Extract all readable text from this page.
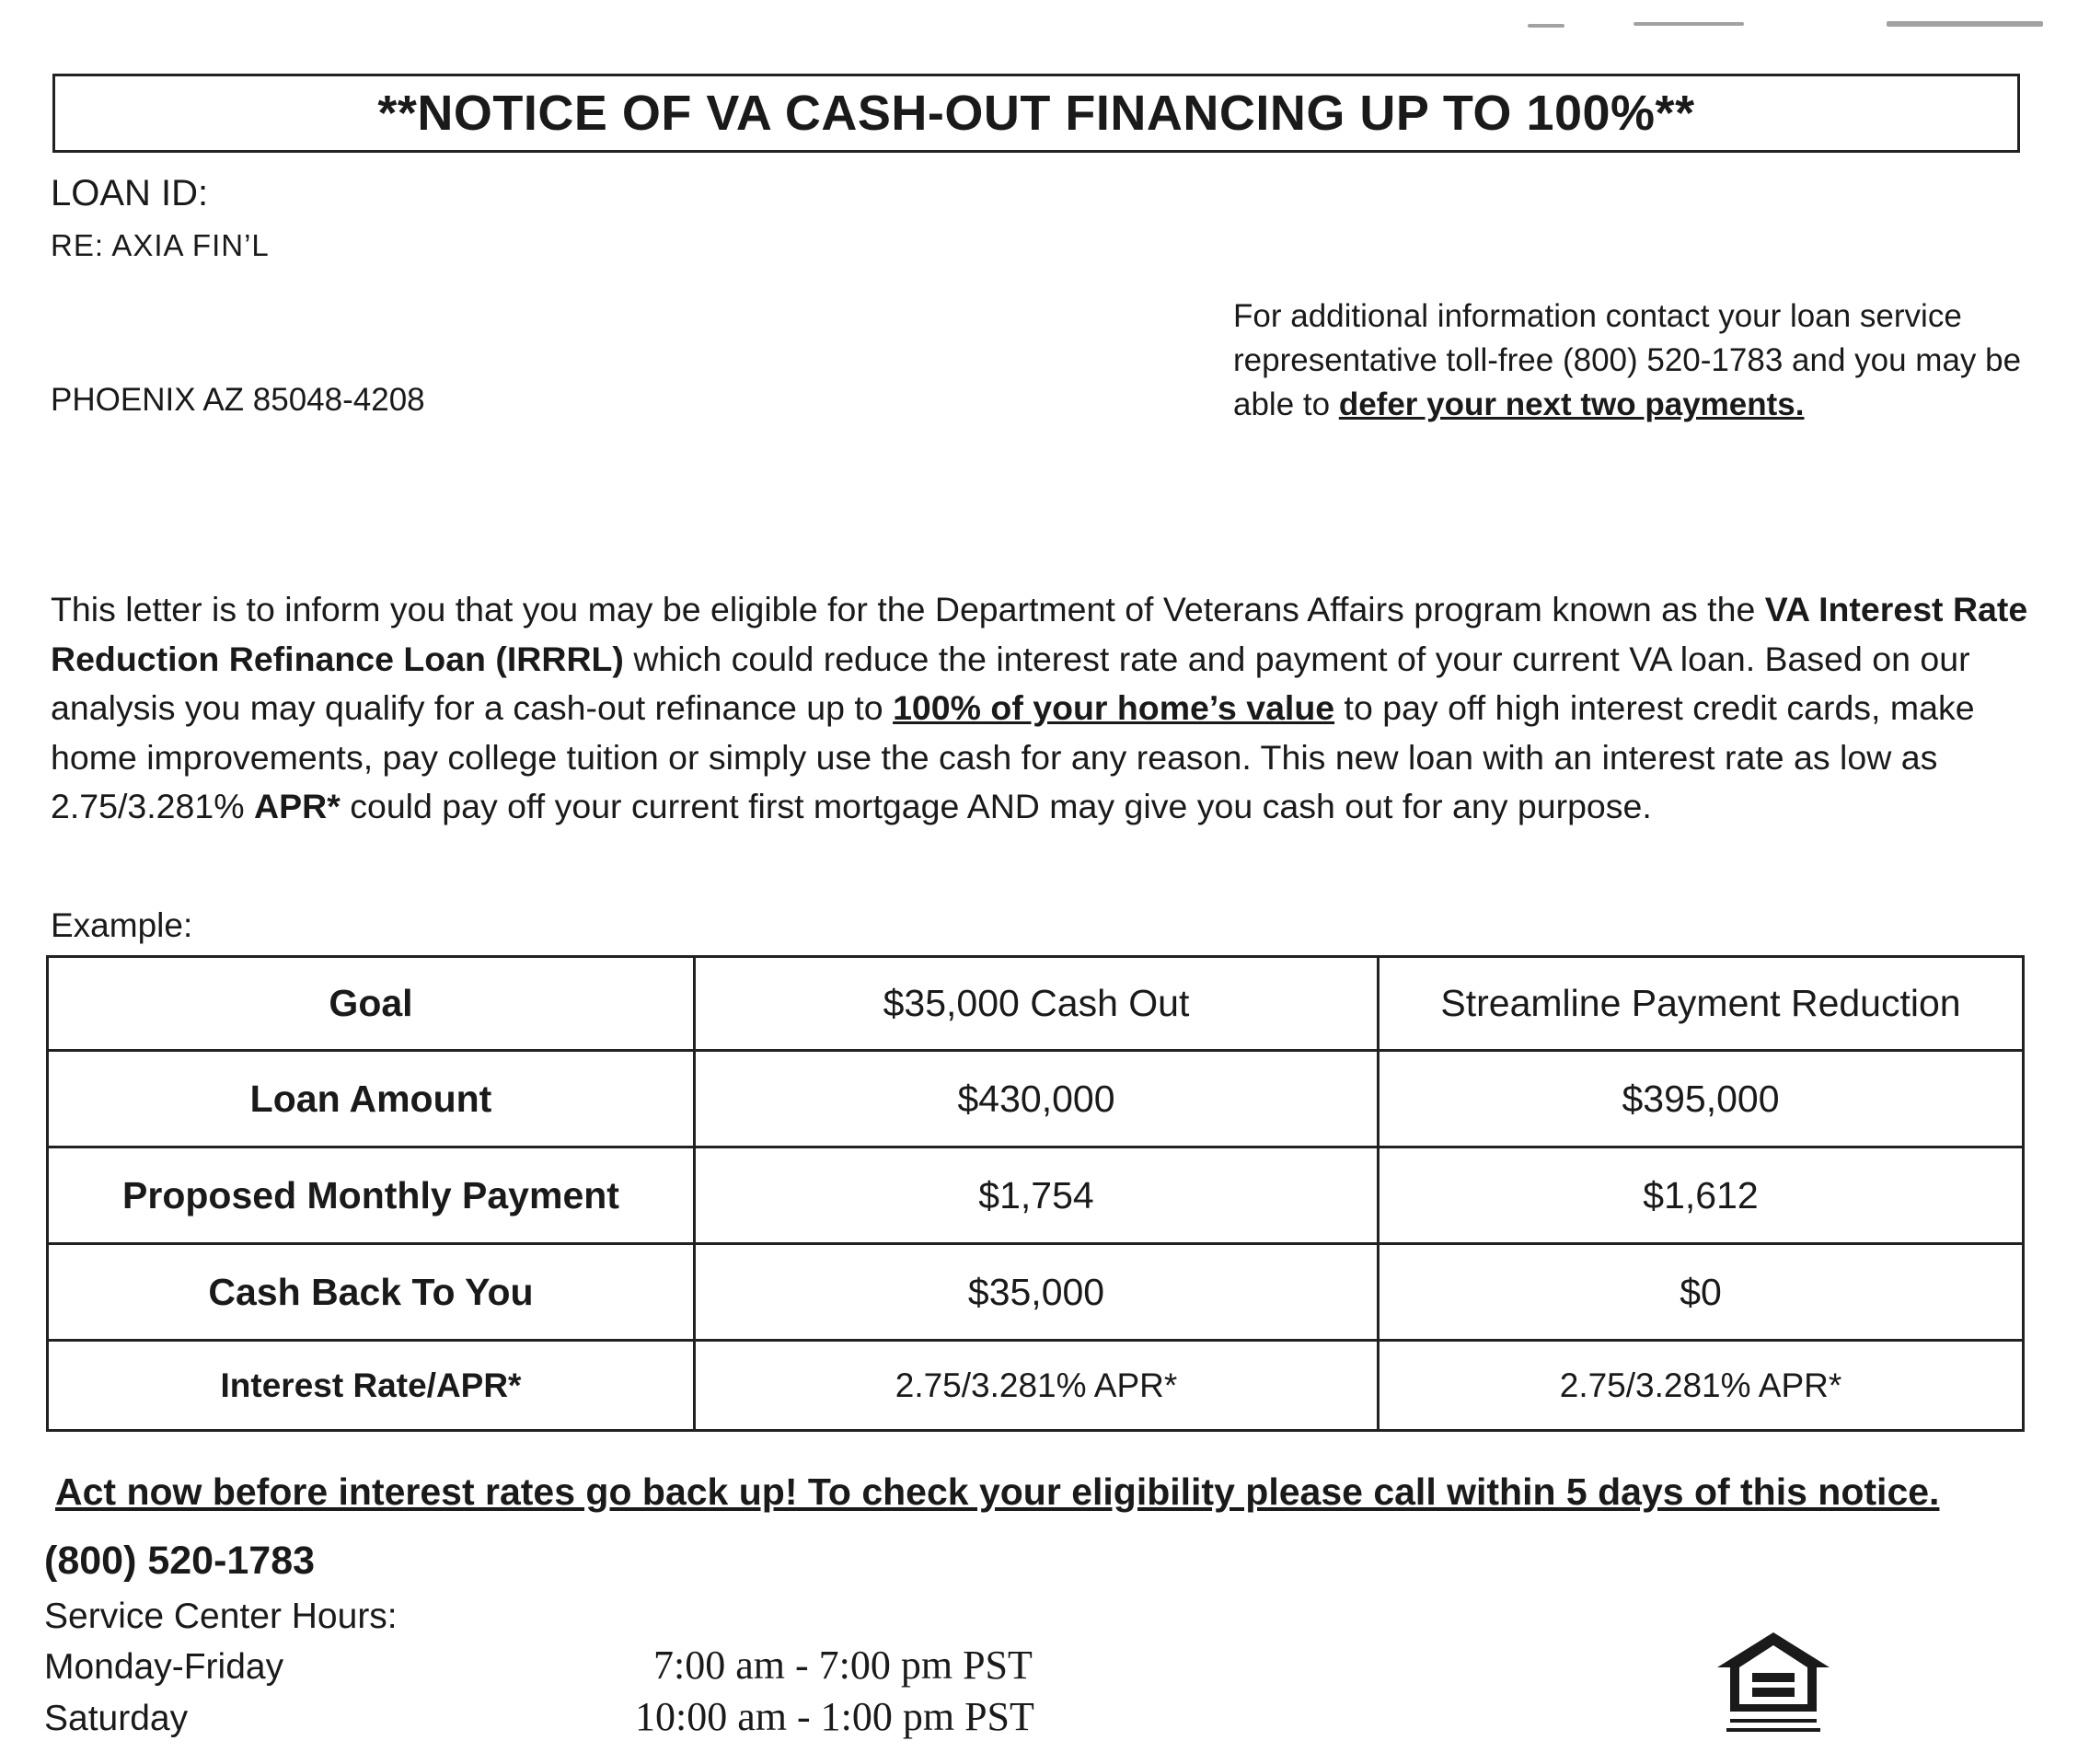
**NOTICE OF VA CASH-OUT FINANCING UP TO 100%**
LOAN ID:
RE: AXIA FIN’L
PHOENIX AZ 85048-4208
For additional information contact your loan service representative toll-free (800) 520-1783 and you may be able to defer your next two payments.
This letter is to inform you that you may be eligible for the Department of Veterans Affairs program known as the VA Interest Rate Reduction Refinance Loan (IRRRL) which could reduce the interest rate and payment of your current VA loan. Based on our analysis you may qualify for a cash-out refinance up to 100% of your home’s value to pay off high interest credit cards, make home improvements, pay college tuition or simply use the cash for any reason. This new loan with an interest rate as low as 2.75/3.281% APR* could pay off your current first mortgage AND may give you cash out for any purpose.
Example:
Goal	$35,000 Cash Out	Streamline Payment Reduction
Loan Amount	$430,000	$395,000
Proposed Monthly Payment	$1,754	$1,612
Cash Back To You	$35,000	$0
Interest Rate/APR*	2.75/3.281% APR*	2.75/3.281% APR*
Act now before interest rates go back up! To check your eligibility please call within 5 days of this notice.
(800) 520-1783
Service Center Hours:
Monday-Friday	7:00 am - 7:00 pm PST
Saturday	10:00 am - 1:00 pm PST
